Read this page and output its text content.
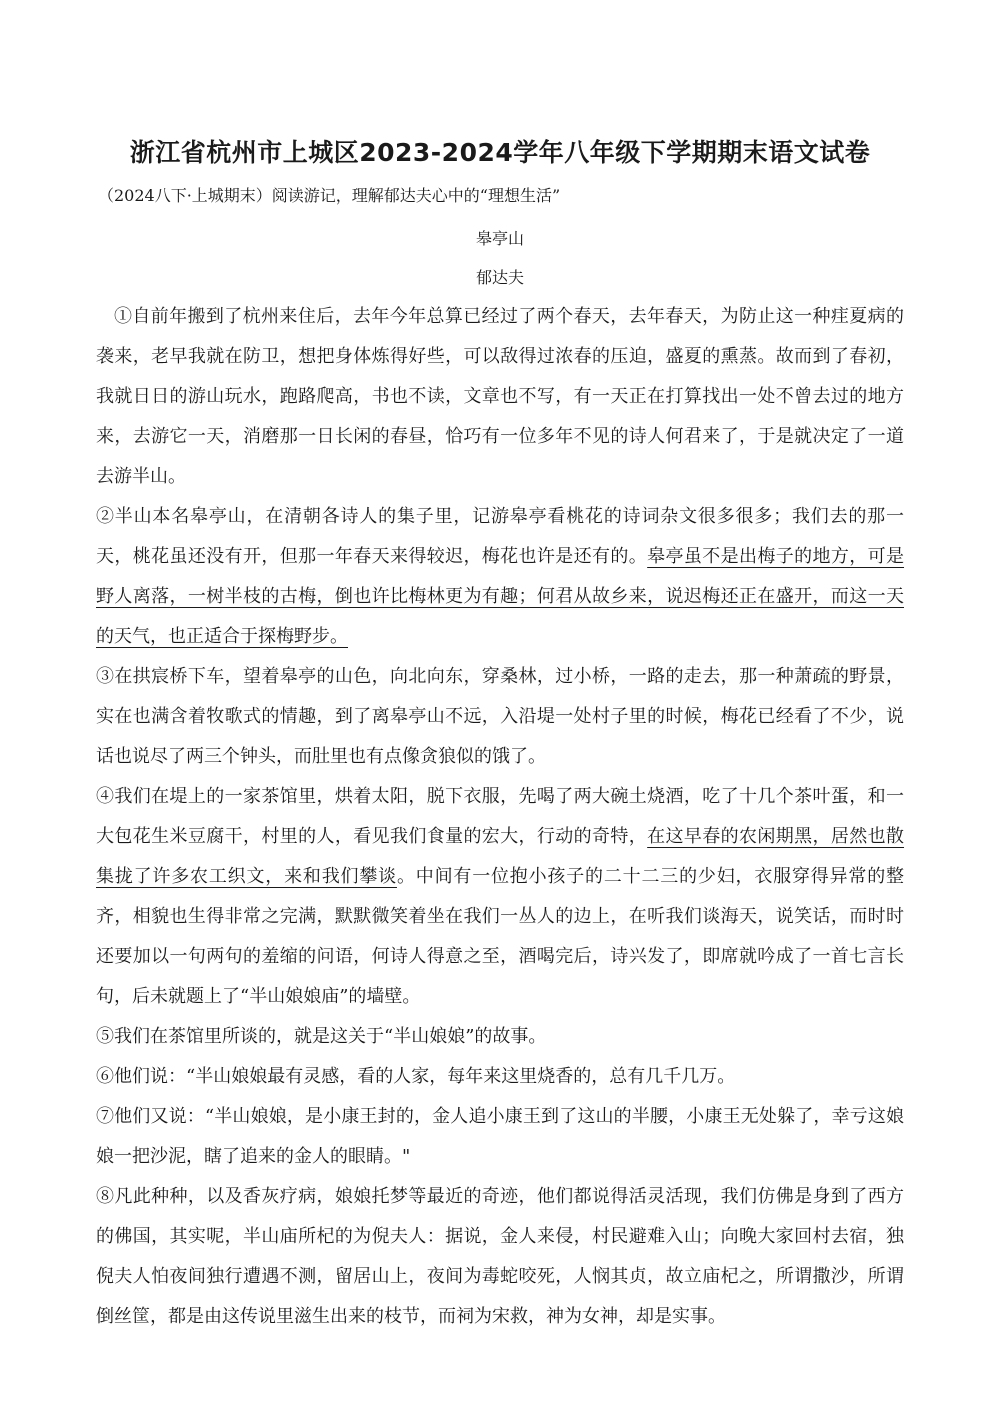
浙江省杭州市上城区2023-2024学年八年级下学期期末语文试卷

（2024八下·上城期末）阅读游记，理解郁达夫心中的“理想生活”

皋亭山

郁达夫

①自前年搬到了杭州来住后，去年今年总算已经过了两个春天，去年春天，为防止这一种疰夏病的袭来，老早我就在防卫，想把身体炼得好些，可以敌得过浓春的压迫，盛夏的熏蒸。故而到了春初，我就日日的游山玩水，跑路爬高，书也不读，文章也不写，有一天正在打算找出一处不曾去过的地方来，去游它一天，消磨那一日长闲的春昼，恰巧有一位多年不见的诗人何君来了，于是就决定了一道去游半山。

②半山本名皋亭山，在清朝各诗人的集子里，记游皋亭看桃花的诗词杂文很多很多；我们去的那一天，桃花虽还没有开，但那一年春天来得较迟，梅花也许是还有的。皋亭虽不是出梅子的地方，可是野人离落，一树半枝的古梅，倒也许比梅林更为有趣；何君从故乡来，说迟梅还正在盛开，而这一天的天气，也正适合于探梅野步。

③在拱宸桥下车，望着皋亭的山色，向北向东，穿桑林，过小桥，一路的走去，那一种萧疏的野景，实在也满含着牧歌式的情趣，到了离皋亭山不远，入沿堤一处村子里的时候，梅花已经看了不少，说话也说尽了两三个钟头，而肚里也有点像贪狼似的饿了。

④我们在堤上的一家茶馆里，烘着太阳，脱下衣服，先喝了两大碗土烧酒，吃了十几个茶叶蛋，和一大包花生米豆腐干，村里的人，看见我们食量的宏大，行动的奇特，在这早春的农闲期黑，居然也散集拢了许多农工织文，来和我们攀谈。中间有一位抱小孩子的二十二三的少妇，衣服穿得异常的整齐，相貌也生得非常之完满，默默微笑着坐在我们一丛人的边上，在听我们谈海天，说笑话，而时时还要加以一句两句的羞缩的问语，何诗人得意之至，酒喝完后，诗兴发了，即席就吟成了一首七言长句，后未就题上了“半山娘娘庙”的墙壁。

⑤我们在茶馆里所谈的，就是这关于“半山娘娘”的故事。

⑥他们说：“半山娘娘最有灵感，看的人家，每年来这里烧香的，总有几千几万。

⑦他们又说：“半山娘娘，是小康王封的，金人追小康王到了这山的半腰，小康王无处躲了，幸亏这娘娘一把沙泥，瞎了追来的金人的眼睛。"

⑧凡此种种，以及香灰疗病，娘娘托梦等最近的奇迹，他们都说得活灵活现，我们仿佛是身到了西方的佛国，其实呢，半山庙所杞的为倪夫人：据说，金人来侵，村民避难入山；向晚大家回村去宿，独倪夫人怕夜间独行遭遇不测，留居山上，夜间为毒蛇咬死，人悯其贞，故立庙杞之，所谓撒沙，所谓倒丝筐，都是由这传说里滋生出来的枝节，而祠为宋救，神为女神，却是实事。
